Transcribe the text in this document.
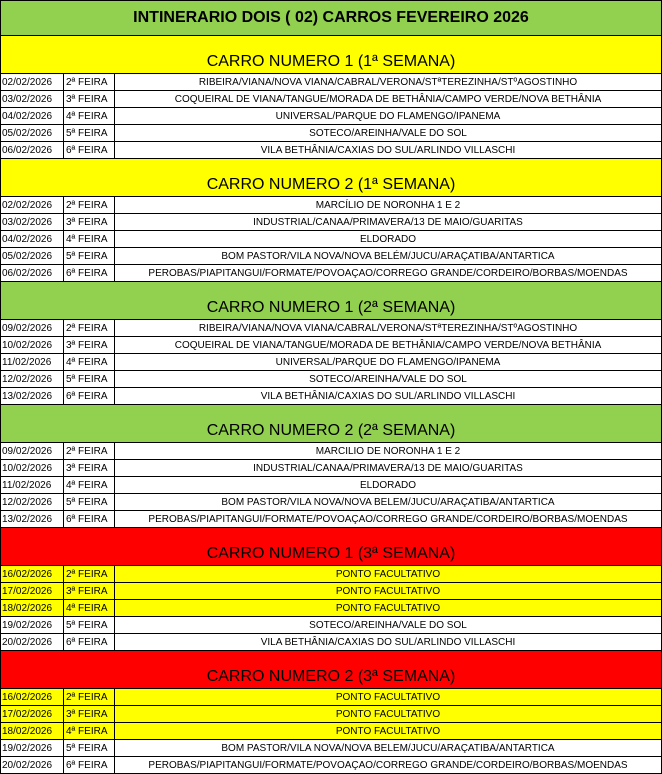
INTINERARIO DOIS ( 02) CARROS FEVEREIRO 2026		
CARRO NUMERO 1 (1ª SEMANA)		
02/02/2026	2ª FEIRA	RIBEIRA/VIANA/NOVA VIANA/CABRAL/VERONA/STªTEREZINHA/STºAGOSTINHO
03/02/2026	3ª FEIRA	COQUEIRAL DE VIANA/TANGUE/MORADA DE BETHÂNIA/CAMPO VERDE/NOVA BETHÂNIA
04/02/2026	4ª FEIRA	UNIVERSAL/PARQUE DO FLAMENGO/IPANEMA
05/02/2026	5ª FEIRA	SOTECO/AREINHA/VALE DO SOL
06/02/2026	6ª FEIRA	VILA BETHÂNIA/CAXIAS DO SUL/ARLINDO VILLASCHI
CARRO NUMERO 2 (1ª SEMANA)		
02/02/2026	2ª FEIRA	MARCÍLIO DE NORONHA 1 E 2
03/02/2026	3ª FEIRA	INDUSTRIAL/CANAA/PRIMAVERA/13 DE MAIO/GUARITAS
04/02/2026	4ª FEIRA	ELDORADO
05/02/2026	5ª FEIRA	BOM PASTOR/VILA NOVA/NOVA BELÉM/JUCU/ARAÇATIBA/ANTARTICA
06/02/2026	6ª FEIRA	PEROBAS/PIAPITANGUI/FORMATE/POVOAÇAO/CORREGO GRANDE/CORDEIRO/BORBAS/MOENDAS
CARRO NUMERO 1 (2ª SEMANA)		
09/02/2026	2ª FEIRA	RIBEIRA/VIANA/NOVA VIANA/CABRAL/VERONA/STªTEREZINHA/STºAGOSTINHO
10/02/2026	3ª FEIRA	COQUEIRAL DE VIANA/TANGUE/MORADA DE BETHÂNIA/CAMPO VERDE/NOVA BETHÂNIA
11/02/2026	4ª FEIRA	UNIVERSAL/PARQUE DO FLAMENGO/IPANEMA
12/02/2026	5ª FEIRA	SOTECO/AREINHA/VALE DO SOL
13/02/2026	6ª FEIRA	VILA BETHÂNIA/CAXIAS DO SUL/ARLINDO VILLASCHI
CARRO NUMERO 2 (2ª SEMANA)		
09/02/2026	2ª FEIRA	MARCILIO DE NORONHA 1 E 2
10/02/2026	3ª FEIRA	INDUSTRIAL/CANAA/PRIMAVERA/13 DE MAIO/GUARITAS
11/02/2026	4ª FEIRA	ELDORADO
12/02/2026	5ª FEIRA	BOM PASTOR/VILA NOVA/NOVA BELEM/JUCU/ARAÇATIBA/ANTARTICA
13/02/2026	6ª FEIRA	PEROBAS/PIAPITANGUI/FORMATE/POVOAÇAO/CORREGO GRANDE/CORDEIRO/BORBAS/MOENDAS
CARRO NUMERO 1 (3ª SEMANA)		
16/02/2026	2ª FEIRA	PONTO FACULTATIVO
17/02/2026	3ª FEIRA	PONTO FACULTATIVO
18/02/2026	4ª FEIRA	PONTO FACULTATIVO
19/02/2026	5ª FEIRA	SOTECO/AREINHA/VALE DO SOL
20/02/2026	6ª FEIRA	VILA BETHÂNIA/CAXIAS DO SUL/ARLINDO VILLASCHI
CARRO NUMERO 2 (3ª SEMANA)		
16/02/2026	2ª FEIRA	PONTO FACULTATIVO
17/02/2026	3ª FEIRA	PONTO FACULTATIVO
18/02/2026	4ª FEIRA	PONTO FACULTATIVO
19/02/2026	5ª FEIRA	BOM PASTOR/VILA NOVA/NOVA BELEM/JUCU/ARAÇATIBA/ANTARTICA
20/02/2026	6ª FEIRA	PEROBAS/PIAPITANGUI/FORMATE/POVOAÇAO/CORREGO GRANDE/CORDEIRO/BORBAS/MOENDAS
